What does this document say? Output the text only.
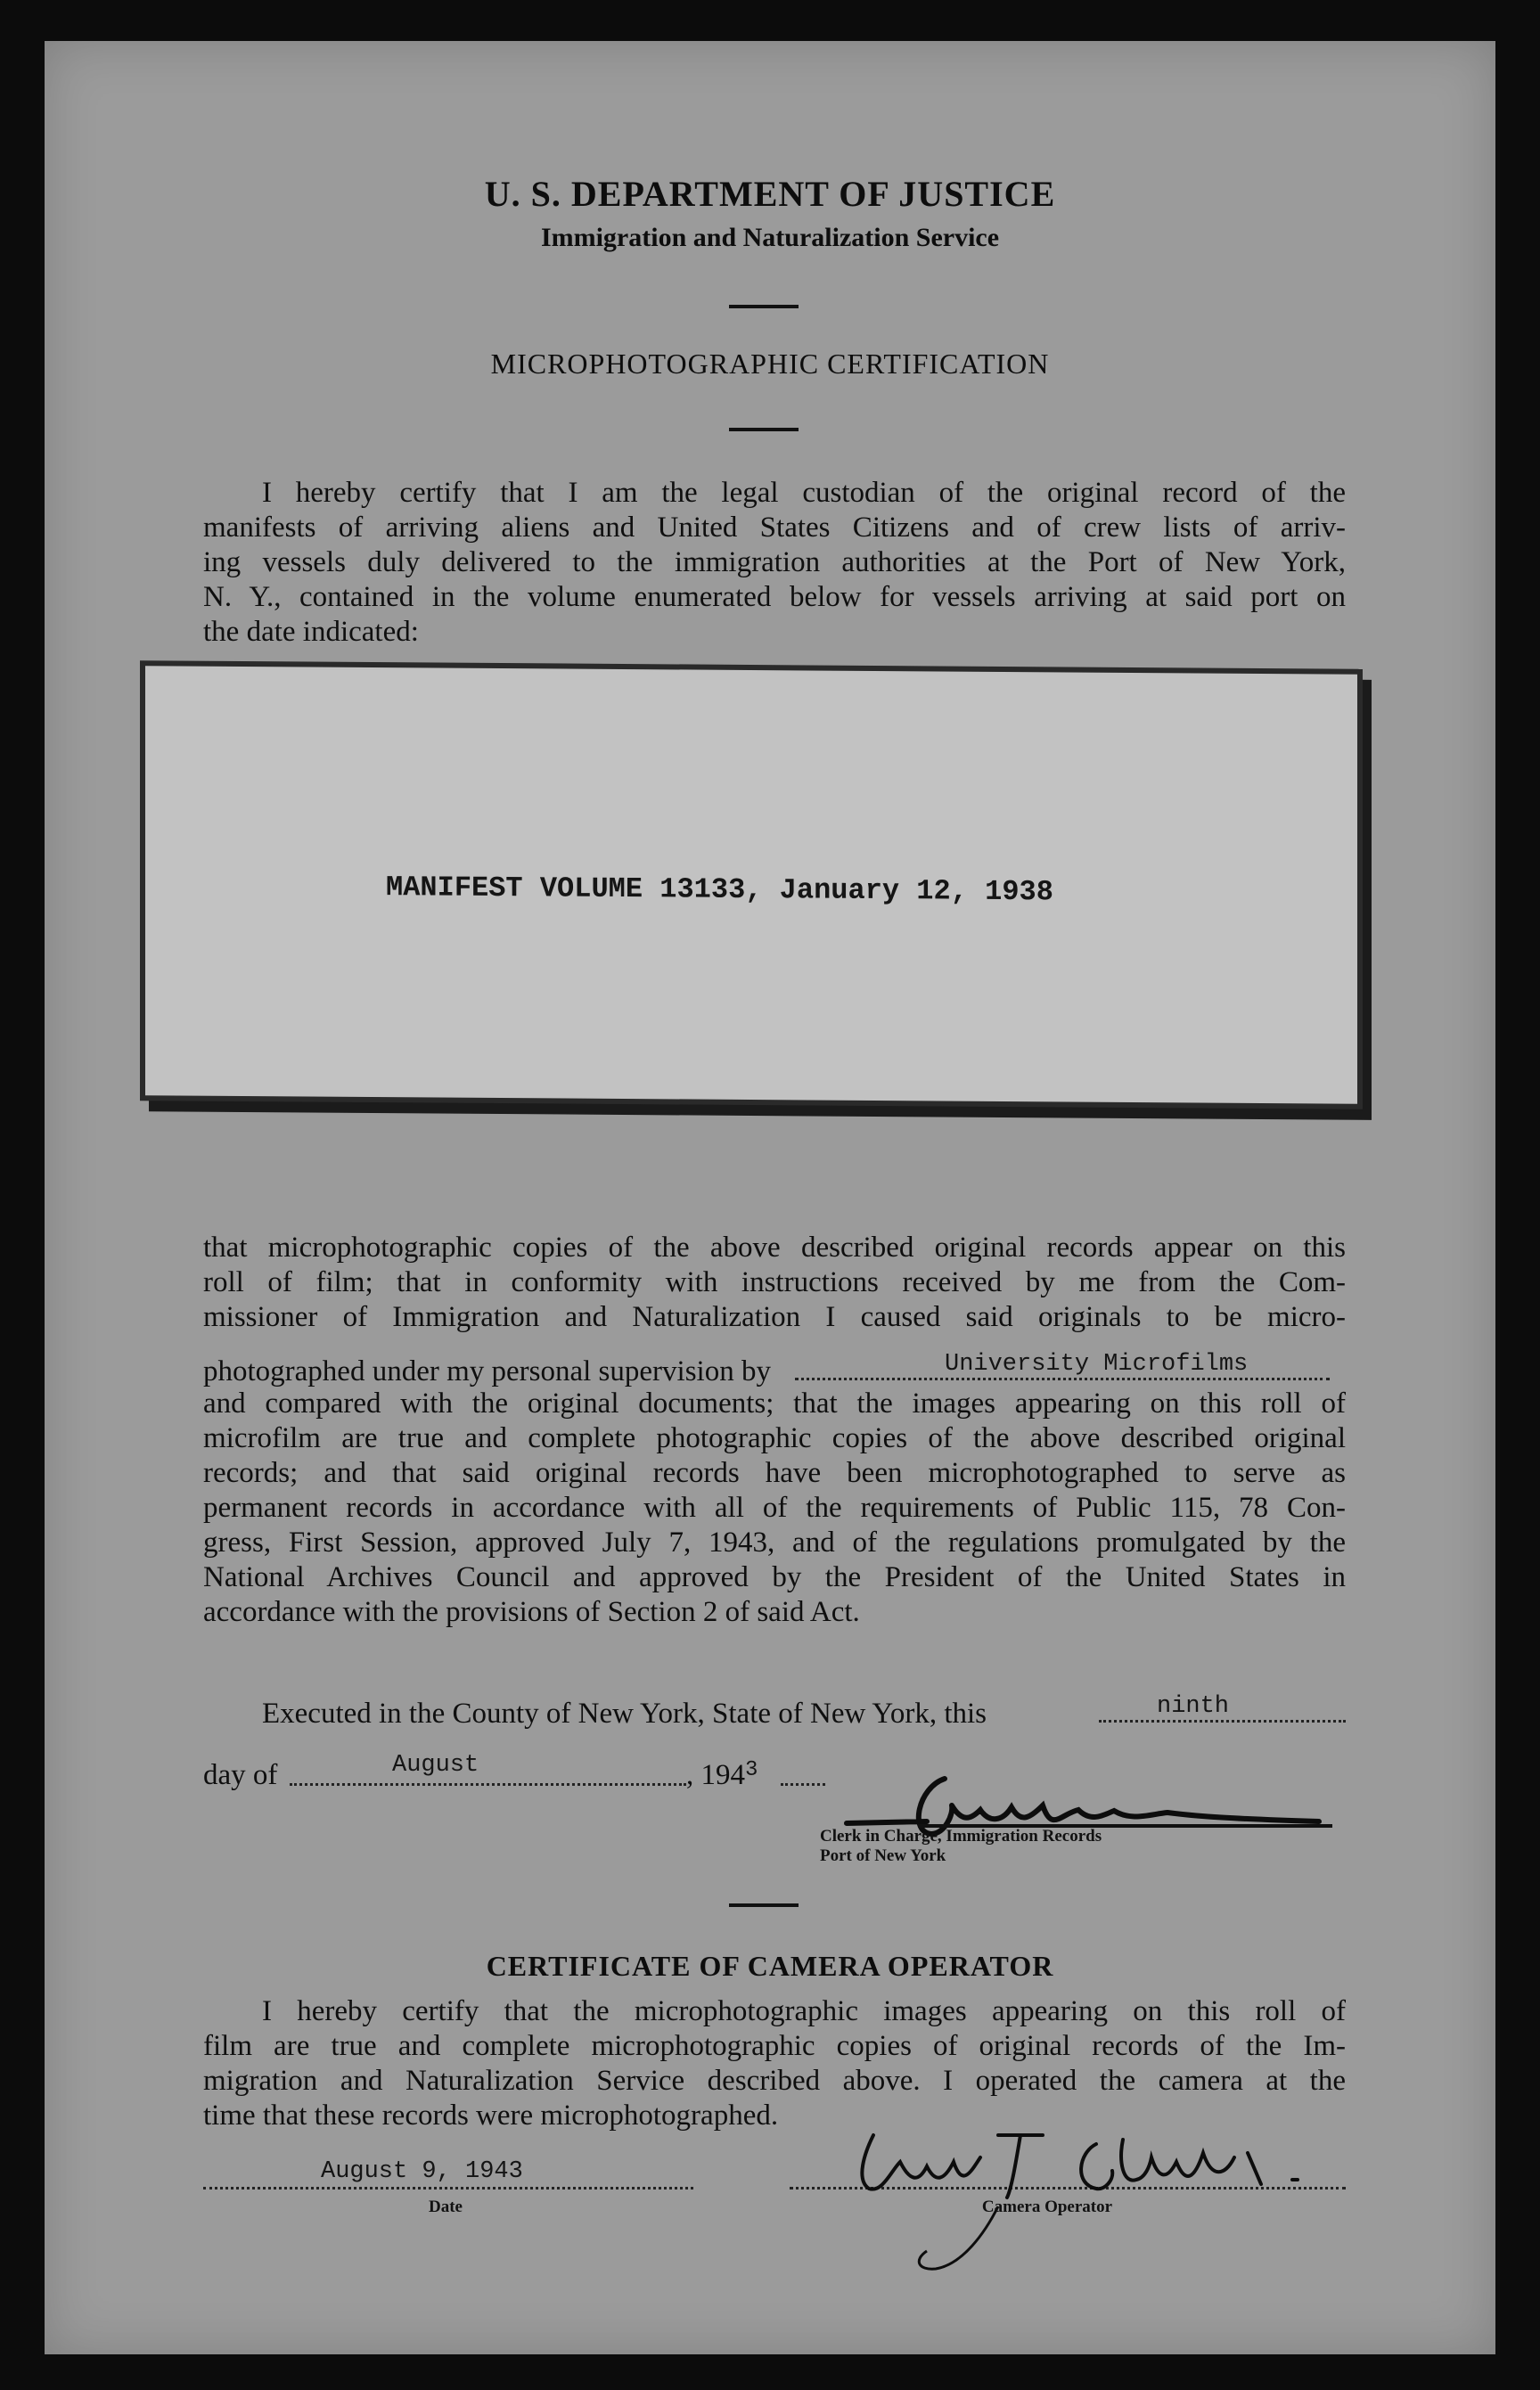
U. S. DEPARTMENT OF JUSTICE
Immigration and Naturalization Service
MICROPHOTOGRAPHIC CERTIFICATION
I hereby certify that I am the legal custodian of the original record of the
manifests of arriving aliens and United States Citizens and of crew lists of arriv-
ing vessels duly delivered to the immigration authorities at the Port of New York,
N. Y., contained in the volume enumerated below for vessels arriving at said port on
the date indicated:
MANIFEST VOLUME 13133, January 12, 1938
that microphotographic copies of the above described original records appear on this
roll of film; that in conformity with instructions received by me from the Com-
missioner of Immigration and Naturalization I caused said originals to be micro-
photographed under my personal supervision by	University Microfilms
and compared with the original documents; that the images appearing on this roll of
microfilm are true and complete photographic copies of the above described original
records; and that said original records have been microphotographed to serve as
permanent records in accordance with all of the requirements of Public 115, 78 Con-
gress, First Session, approved July 7, 1943, and of the regulations promulgated by the
National Archives Council and approved by the President of the United States in
accordance with the provisions of Section 2 of said Act.
Executed in the County of New York, State of New York, this	ninth
day of	August	, $194^3$
Clerk in Charge, Immigration Records
Port of New York
CERTIFICATE OF CAMERA OPERATOR
I hereby certify that the microphotographic images appearing on this roll of
film are true and complete microphotographic copies of original records of the Im-
migration and Naturalization Service described above. I operated the camera at the
time that these records were microphotographed.
August 9, 1943
Date	Camera Operator
